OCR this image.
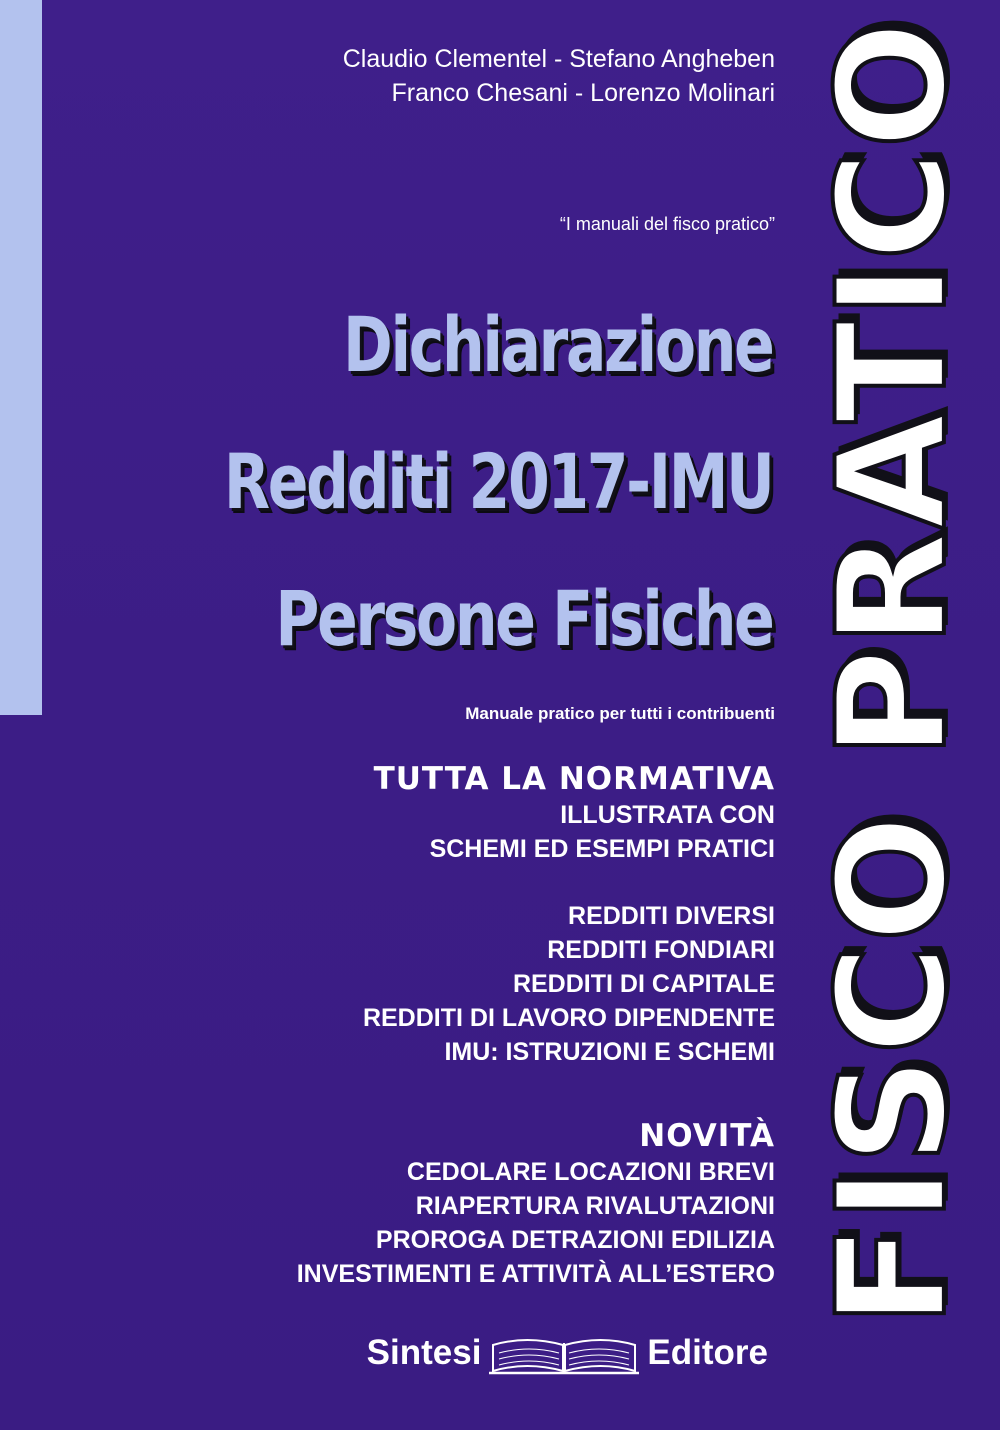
Claudio Clementel - Stefano Angheben
Franco Chesani - Lorenzo Molinari
“I manuali del fisco pratico”
Dichiarazione
Redditi 2017-IMU
Persone Fisiche
Manuale pratico per tutti i contribuenti
TUTTA LA NORMATIVA
ILLUSTRATA CON
SCHEMI ED ESEMPI PRATICI
REDDITI DIVERSI
REDDITI FONDIARI
REDDITI DI CAPITALE
REDDITI DI LAVORO DIPENDENTE
IMU: ISTRUZIONI E SCHEMI
NOVITÀ
CEDOLARE LOCAZIONI BREVI
RIAPERTURA RIVALUTAZIONI
PROROGA DETRAZIONI EDILIZIA
INVESTIMENTI E ATTIVITÀ ALL’ESTERO FISCO PRATICO
Sintesi	Editore
